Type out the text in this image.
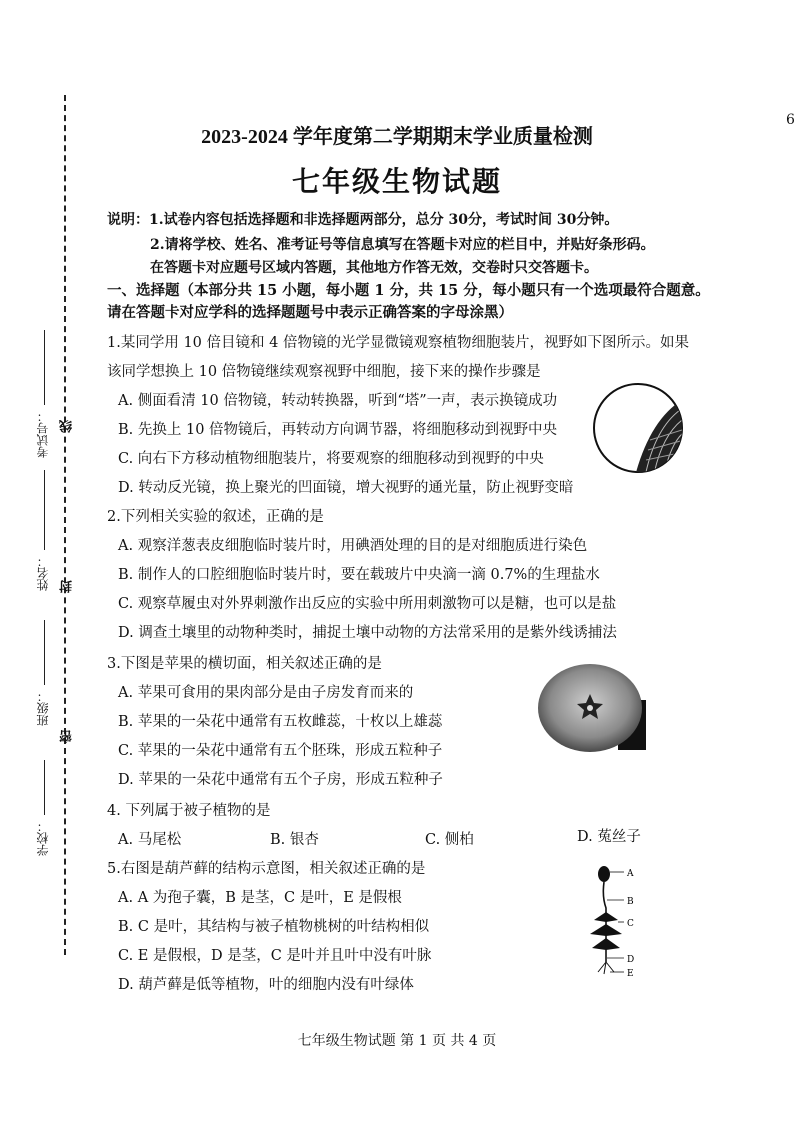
考试号： 线
姓名： 封
班级：
密
学校：
6
2023-2024 学年度第二学期期末学业质量检测
七年级生物试题
说明：1.试卷内容包括选择题和非选择题两部分，总分 30分，考试时间 30分钟。
2.请将学校、姓名、准考证号等信息填写在答题卡对应的栏目中，并贴好条形码。
在答题卡对应题号区域内答题，其他地方作答无效，交卷时只交答题卡。
一、选择题（本部分共 15 小题，每小题 1 分，共 15 分，每小题只有一个选项最符合题意。
请在答题卡对应学科的选择题题号中表示正确答案的字母涂黑）
1.某同学用 10 倍目镜和 4 倍物镜的光学显微镜观察植物细胞装片，视野如下图所示。如果
该同学想换上 10 倍物镜继续观察视野中细胞，接下来的操作步骤是
A. 侧面看清 10 倍物镜，转动转换器，听到“塔”一声，表示换镜成功
B. 先换上 10 倍物镜后，再转动方向调节器，将细胞移动到视野中央
C. 向右下方移动植物细胞装片，将要观察的细胞移动到视野的中央
D. 转动反光镜，换上聚光的凹面镜，增大视野的通光量，防止视野变暗
2.下列相关实验的叙述，正确的是
A. 观察洋葱表皮细胞临时装片时，用碘酒处理的目的是对细胞质进行染色
B. 制作人的口腔细胞临时装片时，要在载玻片中央滴一滴 0.7%的生理盐水
C. 观察草履虫对外界刺激作出反应的实验中所用刺激物可以是糖，也可以是盐
D. 调查土壤里的动物种类时，捕捉土壤中动物的方法常采用的是紫外线诱捕法
3.下图是苹果的横切面，相关叙述正确的是
A. 苹果可食用的果肉部分是由子房发育而来的
B. 苹果的一朵花中通常有五枚雌蕊，十枚以上雄蕊
C. 苹果的一朵花中通常有五个胚珠，形成五粒种子
D. 苹果的一朵花中通常有五个子房，形成五粒种子
4. 下列属于被子植物的是
A. 马尾松	B. 银杏	C. 侧柏	D. 菟丝子
5.右图是葫芦藓的结构示意图，相关叙述正确的是
A. A 为孢子囊，B 是茎，C 是叶，E 是假根
B. C 是叶，其结构与被子植物桃树的叶结构相似
C. E 是假根，D 是茎，C 是叶并且叶中没有叶脉
D. 葫芦藓是低等植物，叶的细胞内没有叶绿体
A
B
C
D
E
七年级生物试题 第 1 页 共 4 页
